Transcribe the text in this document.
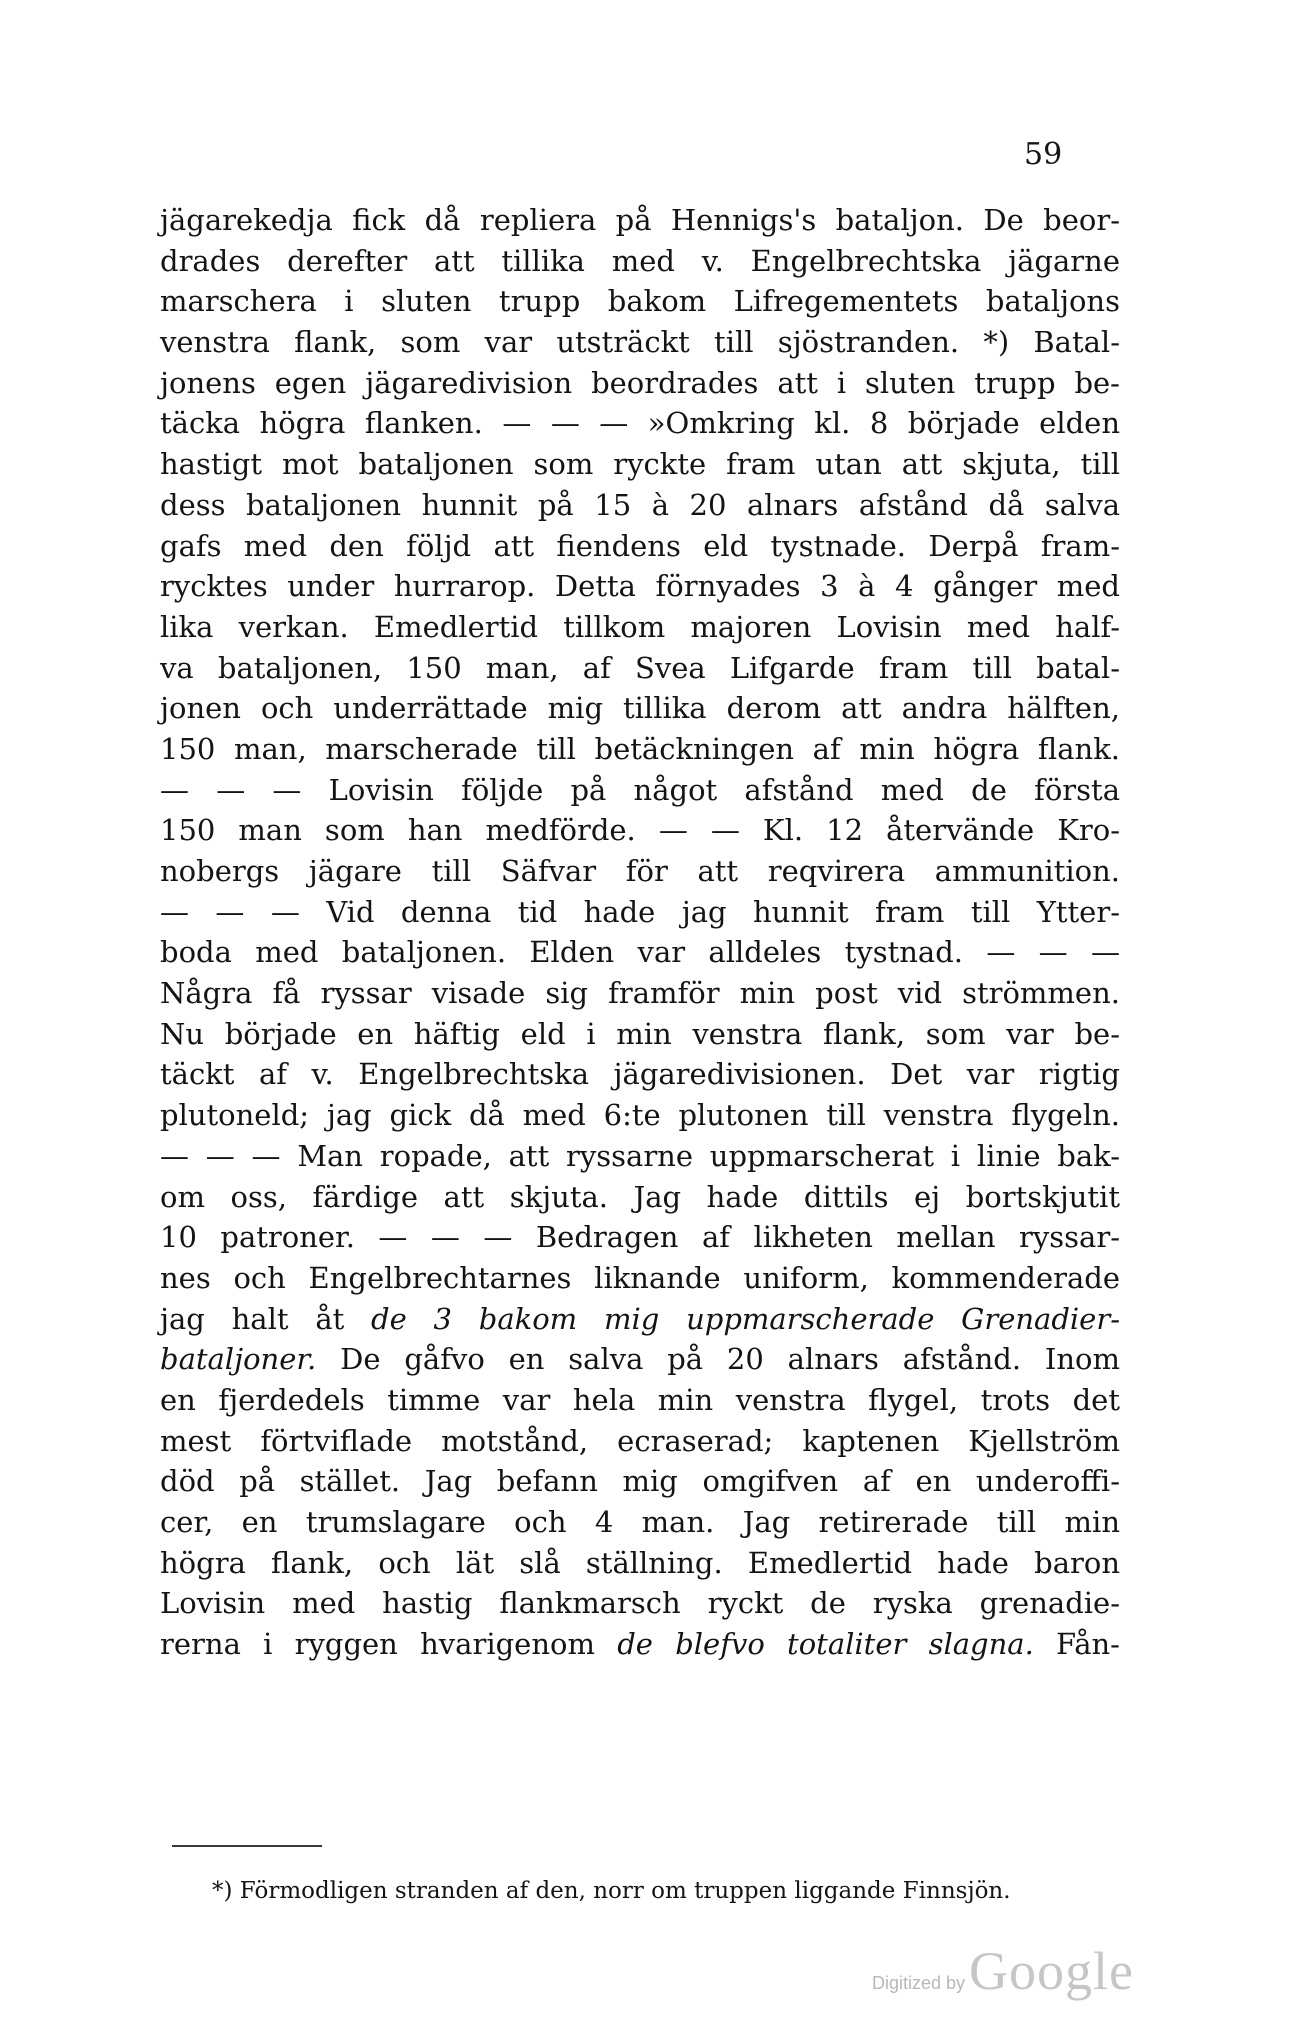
59
jägarekedja fick då repliera på Hennigs's bataljon. De beor-
drades derefter att tillika med v. Engelbrechtska jägarne
marschera i sluten trupp bakom Lifregementets bataljons
venstra flank, som var utsträckt till sjöstranden. *) Batal-
jonens egen jägaredivision beordrades att i sluten trupp be-
täcka högra flanken. — — — »Omkring kl. 8 började elden
hastigt mot bataljonen som ryckte fram utan att skjuta, till
dess bataljonen hunnit på 15 à 20 alnars afstånd då salva
gafs med den följd att fiendens eld tystnade. Derpå fram-
rycktes under hurrarop. Detta förnyades 3 à 4 gånger med
lika verkan. Emedlertid tillkom majoren Lovisin med half-
va bataljonen, 150 man, af Svea Lifgarde fram till batal-
jonen och underrättade mig tillika derom att andra hälften,
150 man, marscherade till betäckningen af min högra flank.
— — — Lovisin följde på något afstånd med de första
150 man som han medförde. — — Kl. 12 återvände Kro-
nobergs jägare till Säfvar för att reqvirera ammunition.
— — — Vid denna tid hade jag hunnit fram till Ytter-
boda med bataljonen. Elden var alldeles tystnad. — — —
Några få ryssar visade sig framför min post vid strömmen.
Nu började en häftig eld i min venstra flank, som var be-
täckt af v. Engelbrechtska jägaredivisionen. Det var rigtig
plutoneld; jag gick då med 6:te plutonen till venstra flygeln.
— — — Man ropade, att ryssarne uppmarscherat i linie bak-
om oss, färdige att skjuta. Jag hade dittils ej bortskjutit
10 patroner. — — — Bedragen af likheten mellan ryssar-
nes och Engelbrechtarnes liknande uniform, kommenderade
jag halt åt de 3 bakom mig uppmarscherade Grenadier-
bataljoner. De gåfvo en salva på 20 alnars afstånd. Inom
en fjerdedels timme var hela min venstra flygel, trots det
mest förtviflade motstånd, ecraserad; kaptenen Kjellström
död på stället. Jag befann mig omgifven af en underoffi-
cer, en trumslagare och 4 man. Jag retirerade till min
högra flank, och lät slå ställning. Emedlertid hade baron
Lovisin med hastig flankmarsch ryckt de ryska grenadie-
rerna i ryggen hvarigenom de blefvo totaliter slagna. Fån-
*) Förmodligen stranden af den, norr om truppen liggande Finnsjön.
Digitized by Google
